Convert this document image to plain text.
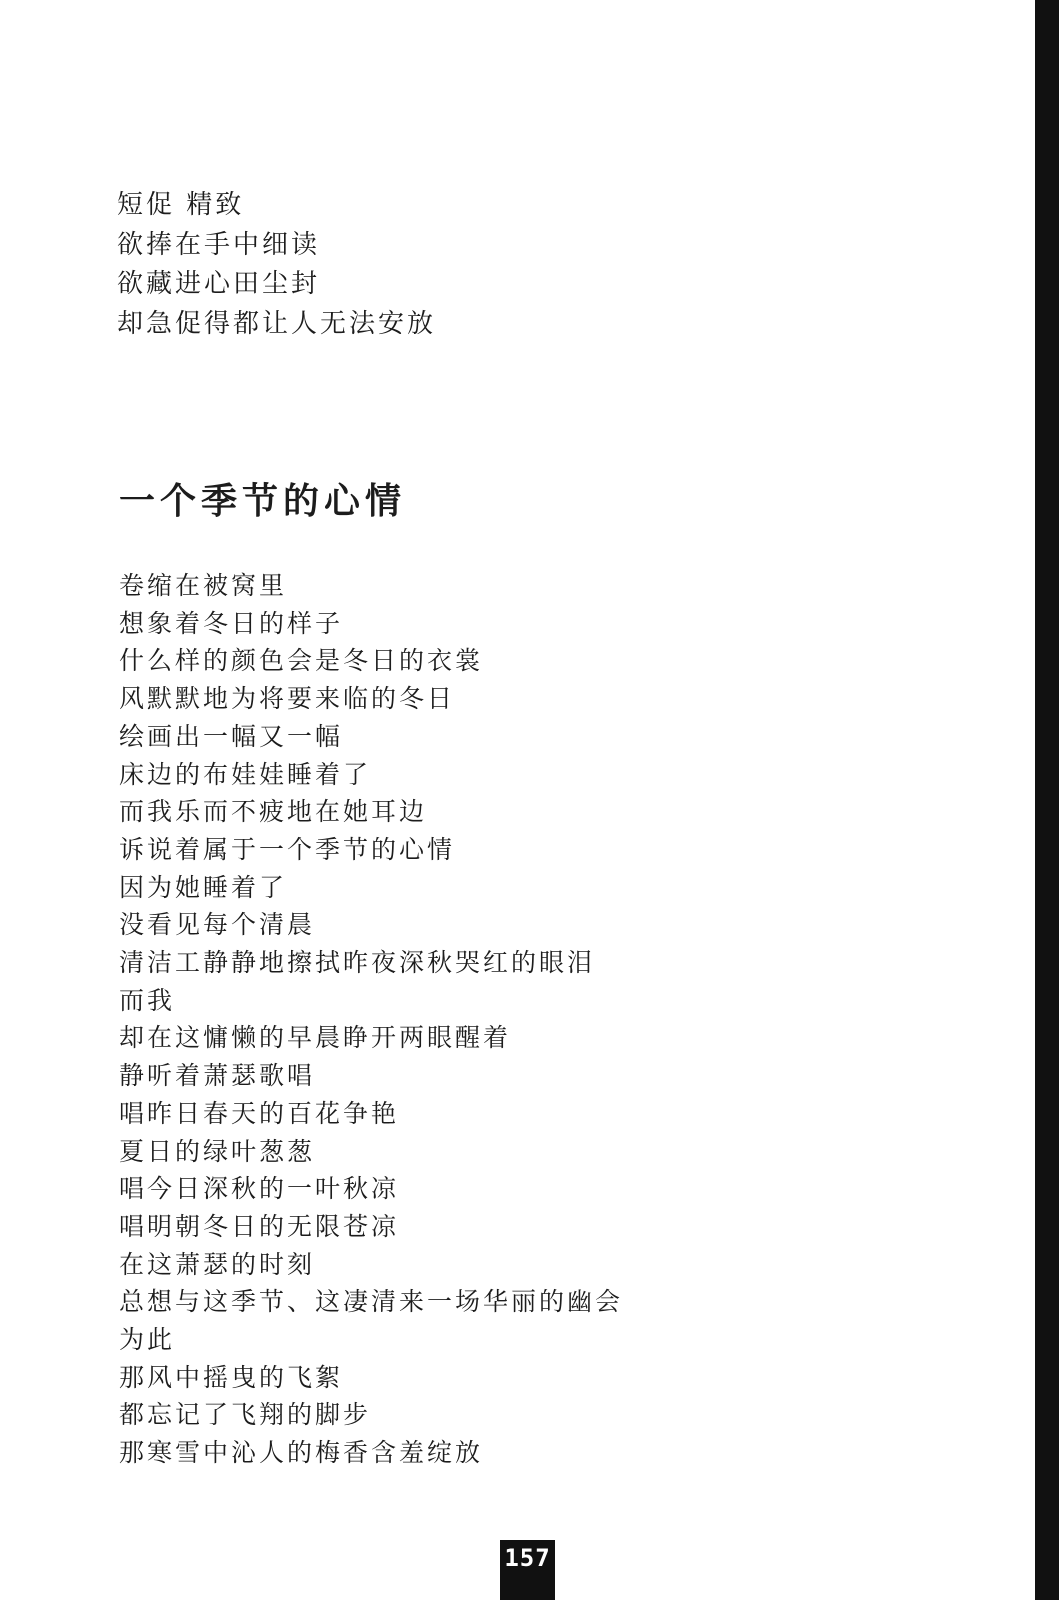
短促 精致
欲捧在手中细读
欲藏进心田尘封
却急促得都让人无法安放
一个季节的心情
卷缩在被窝里
想象着冬日的样子
什么样的颜色会是冬日的衣裳
风默默地为将要来临的冬日
绘画出一幅又一幅
床边的布娃娃睡着了
而我乐而不疲地在她耳边
诉说着属于一个季节的心情
因为她睡着了
没看见每个清晨
清洁工静静地擦拭昨夜深秋哭红的眼泪
而我
却在这慵懒的早晨睁开两眼醒着
静听着萧瑟歌唱
唱昨日春天的百花争艳
夏日的绿叶葱葱
唱今日深秋的一叶秋凉
唱明朝冬日的无限苍凉
在这萧瑟的时刻
总想与这季节、这凄清来一场华丽的幽会
为此
那风中摇曳的飞絮
都忘记了飞翔的脚步
那寒雪中沁人的梅香含羞绽放
157
